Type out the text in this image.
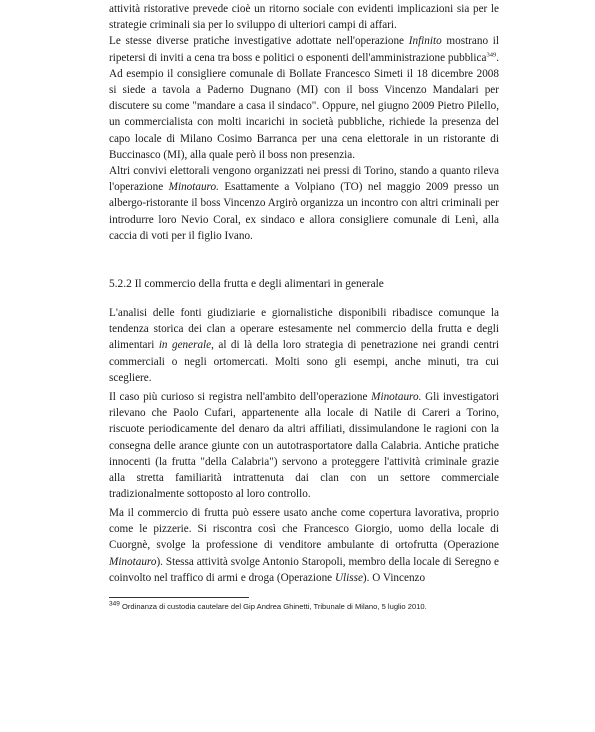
attività ristorative prevede cioè un ritorno sociale con evidenti implicazioni sia per le strategie criminali sia per lo sviluppo di ulteriori campi di affari.

Le stesse diverse pratiche investigative adottate nell'operazione Infinito mostrano il ripetersi di inviti a cena tra boss e politici o esponenti dell'amministrazione pubblica$^{349}$. Ad esempio il consigliere comunale di Bollate Francesco Simeti il 18 dicembre 2008 si siede a tavola a Paderno Dugnano (MI) con il boss Vincenzo Mandalari per discutere su come "mandare a casa il sindaco". Oppure, nel giugno 2009 Pietro Pilello, un commercialista con molti incarichi in società pubbliche, richiede la presenza del capo locale di Milano Cosimo Barranca per una cena elettorale in un ristorante di Buccinasco (MI), alla quale però il boss non presenzia.

Altri convivi elettorali vengono organizzati nei pressi di Torino, stando a quanto rileva l'operazione Minotauro. Esattamente a Volpiano (TO) nel maggio 2009 presso un albergo-ristorante il boss Vincenzo Argirò organizza un incontro con altri criminali per introdurre loro Nevio Coral, ex sindaco e allora consigliere comunale di Lenì, alla caccia di voti per il figlio Ivano.

5.2.2 Il commercio della frutta e degli alimentari in generale

L'analisi delle fonti giudiziarie e giornalistiche disponibili ribadisce comunque la tendenza storica dei clan a operare estesamente nel commercio della frutta e degli alimentari in generale, al di là della loro strategia di penetrazione nei grandi centri commerciali o negli ortomercati. Molti sono gli esempi, anche minuti, tra cui scegliere.

Il caso più curioso si registra nell'ambito dell'operazione Minotauro. Gli investigatori rilevano che Paolo Cufari, appartenente alla locale di Natile di Careri a Torino, riscuote periodicamente del denaro da altri affiliati, dissimulandone le ragioni con la consegna delle arance giunte con un autotrasportatore dalla Calabria. Antiche pratiche innocenti (la frutta "della Calabria") servono a proteggere l'attività criminale grazie alla stretta familiarità intrattenuta dai clan con un settore commerciale tradizionalmente sottoposto al loro controllo.

Ma il commercio di frutta può essere usato anche come copertura lavorativa, proprio come le pizzerie. Si riscontra così che Francesco Giorgio, uomo della locale di Cuorgnè, svolge la professione di venditore ambulante di ortofrutta (Operazione Minotauro). Stessa attività svolge Antonio Staropoli, membro della locale di Seregno e coinvolto nel traffico di armi e droga (Operazione Ulisse). O Vincenzo

$^{349}$ Ordinanza di custodia cautelare del Gip Andrea Ghinetti, Tribunale di Milano, 5 luglio 2010.
